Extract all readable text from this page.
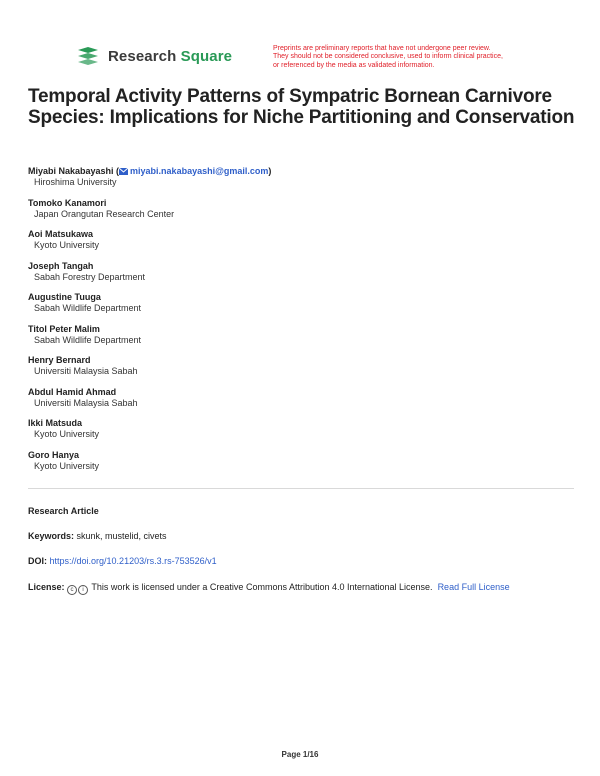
Research Square	Preprints are preliminary reports that have not undergone peer review.
They should not be considered conclusive, used to inform clinical practice,
or referenced by the media as validated information.
Temporal Activity Patterns of Sympatric Bornean Carnivore Species: Implications for Niche Partitioning and Conservation
Miyabi Nakabayashi ( miyabi.nakabayashi@gmail.com)
Hiroshima University
Tomoko Kanamori
Japan Orangutan Research Center
Aoi Matsukawa
Kyoto University
Joseph Tangah
Sabah Forestry Department
Augustine Tuuga
Sabah Wildlife Department
Titol Peter Malim
Sabah Wildlife Department
Henry Bernard
Universiti Malaysia Sabah
Abdul Hamid Ahmad
Universiti Malaysia Sabah
Ikki Matsuda
Kyoto University
Goro Hanya
Kyoto University
Research Article
Keywords: skunk, mustelid, civets
DOI: https://doi.org/10.21203/rs.3.rs-753526/v1
License: c i This work is licensed under a Creative Commons Attribution 4.0 International License. Read Full License
Page 1/16
